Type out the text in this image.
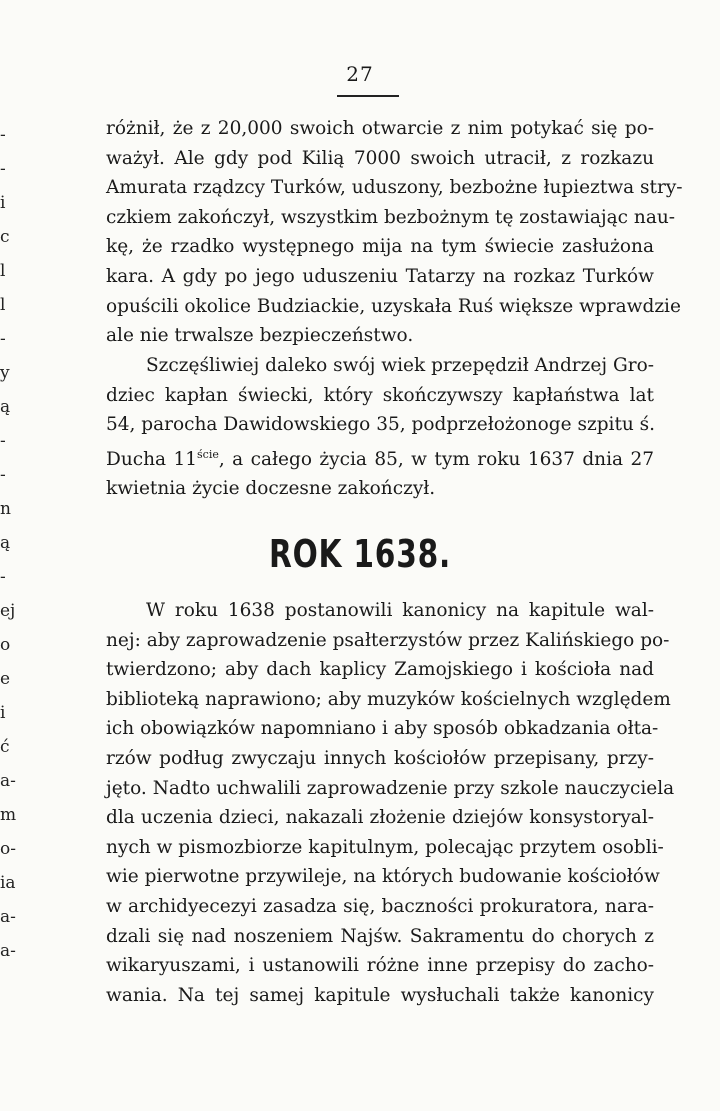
-
-
i
c
l
l
-
y
ą
-
-
n
ą
-
ej
o
e
i
ć
a-
m
o-
ia
a-
a-
27
różnił, że z 20,000 swoich otwarcie z nim potykać się po-
ważył. Ale gdy pod Kilią 7000 swoich utracił, z rozkazu
Amurata rządzcy Turków, uduszony, bezbożne łupieztwa stry-
czkiem zakończył, wszystkim bezbożnym tę zostawiając nau-
kę, że rzadko występnego mija na tym świecie zasłużona
kara. A gdy po jego uduszeniu Tatarzy na rozkaz Turków
opuścili okolice Budziackie, uzyskała Ruś większe wprawdzie
ale nie trwalsze bezpieczeństwo.
Szczęśliwiej daleko swój wiek przepędził Andrzej Gro-
dziec kapłan świecki, który skończywszy kapłaństwa lat
54, parocha Dawidowskiego 35, podprzełożonoge szpitu ś.
Ducha $11^{ście}$, a całego życia 85, w tym roku 1637 dnia 27
kwietnia życie doczesne zakończył.
ROK 1638.
W roku 1638 postanowili kanonicy na kapitule wal-
nej: aby zaprowadzenie psałterzystów przez Kalińskiego po-
twierdzono; aby dach kaplicy Zamojskiego i kościoła nad
biblioteką naprawiono; aby muzyków kościelnych względem
ich obowiązków napomniano i aby sposób obkadzania ołta-
rzów podług zwyczaju innych kościołów przepisany, przy-
jęto. Nadto uchwalili zaprowadzenie przy szkole nauczyciela
dla uczenia dzieci, nakazali złożenie dziejów konsystoryal-
nych w pismozbiorze kapitulnym, polecając przytem osobli-
wie pierwotne przywileje, na których budowanie kościołów
w archidyecezyi zasadza się, baczności prokuratora, nara-
dzali się nad noszeniem Najśw. Sakramentu do chorych z
wikaryuszami, i ustanowili różne inne przepisy do zacho-
wania. Na tej samej kapitule wysłuchali także kanonicy
